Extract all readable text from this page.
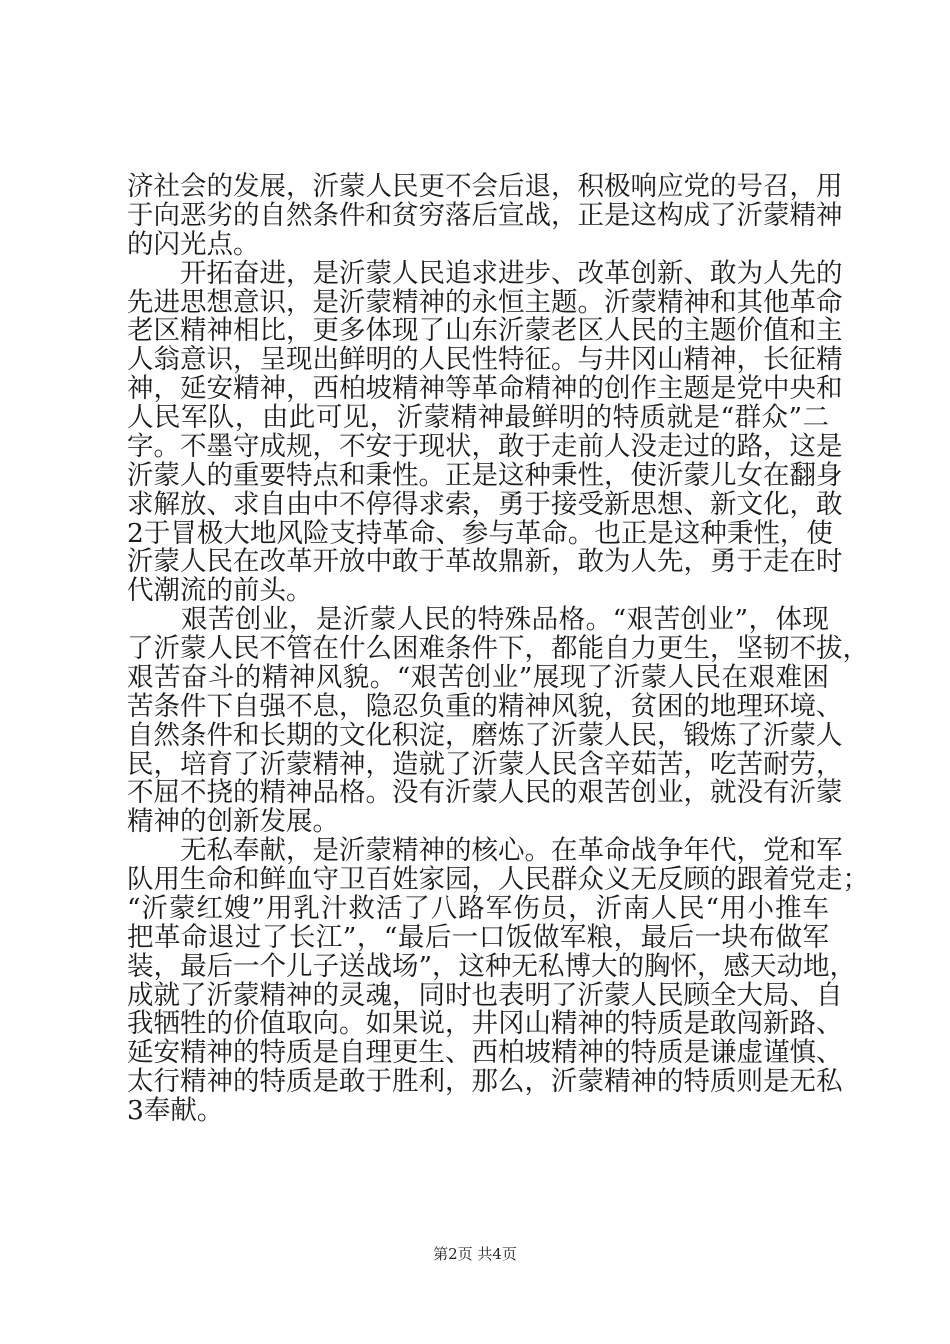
济社会的发展，沂蒙人民更不会后退，积极响应党的号召，用
于向恶劣的自然条件和贫穷落后宣战，正是这构成了沂蒙精神
的闪光点。
　　开拓奋进，是沂蒙人民追求进步、改革创新、敢为人先的
先进思想意识，是沂蒙精神的永恒主题。沂蒙精神和其他革命
老区精神相比，更多体现了山东沂蒙老区人民的主题价值和主
人翁意识，呈现出鲜明的人民性特征。与井冈山精神，长征精
神，延安精神，西柏坡精神等革命精神的创作主题是党中央和
人民军队，由此可见，沂蒙精神最鲜明的特质就是“群众”二
字。不墨守成规，不安于现状，敢于走前人没走过的路，这是
沂蒙人的重要特点和秉性。正是这种秉性，使沂蒙儿女在翻身
求解放、求自由中不停得求索，勇于接受新思想、新文化，敢
2于冒极大地风险支持革命、参与革命。也正是这种秉性，使
沂蒙人民在改革开放中敢于革故鼎新，敢为人先，勇于走在时
代潮流的前头。
　　艰苦创业，是沂蒙人民的特殊品格。“艰苦创业”，体现
了沂蒙人民不管在什么困难条件下，都能自力更生，坚韧不拔，
艰苦奋斗的精神风貌。“艰苦创业”展现了沂蒙人民在艰难困
苦条件下自强不息，隐忍负重的精神风貌，贫困的地理环境、
自然条件和长期的文化积淀，磨炼了沂蒙人民，锻炼了沂蒙人
民，培育了沂蒙精神，造就了沂蒙人民含辛茹苦，吃苦耐劳，
不屈不挠的精神品格。没有沂蒙人民的艰苦创业，就没有沂蒙
精神的创新发展。
　　无私奉献，是沂蒙精神的核心。在革命战争年代，党和军
队用生命和鲜血守卫百姓家园，人民群众义无反顾的跟着党走；
“沂蒙红嫂”用乳汁救活了八路军伤员，沂南人民“用小推车
把革命退过了长江”，“最后一口饭做军粮，最后一块布做军
装，最后一个儿子送战场”，这种无私博大的胸怀，感天动地，
成就了沂蒙精神的灵魂，同时也表明了沂蒙人民顾全大局、自
我牺牲的价值取向。如果说，井冈山精神的特质是敢闯新路、
延安精神的特质是自理更生、西柏坡精神的特质是谦虚谨慎、
太行精神的特质是敢于胜利，那么，沂蒙精神的特质则是无私
3奉献。
第2页 共4页
